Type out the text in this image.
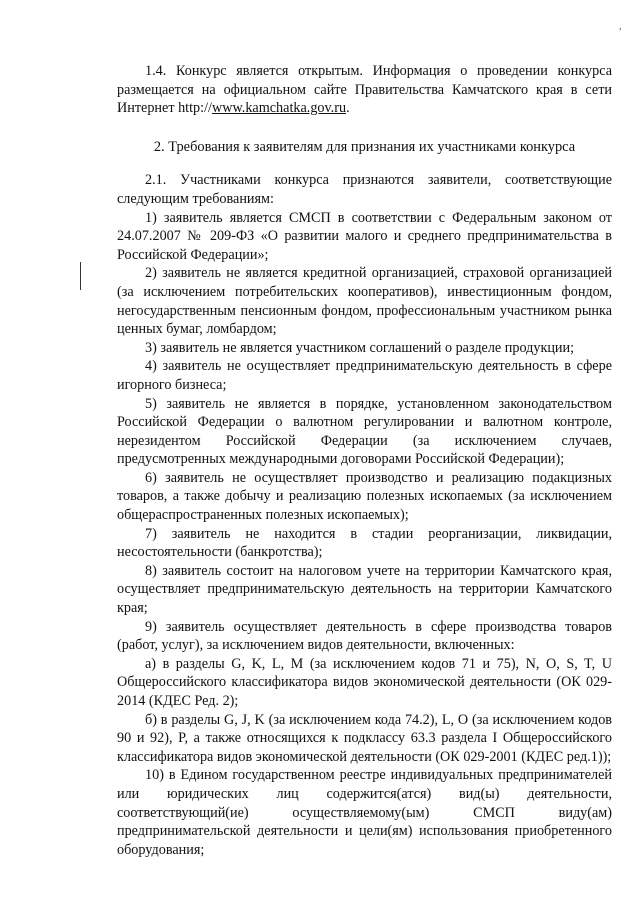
,

1.4. Конкурс является открытым. Информация о проведении конкурса размещается на официальном сайте Правительства Камчатского края в сети Интернет http://www.kamchatka.gov.ru.

2. Требования к заявителям для признания их участниками конкурса

2.1. Участниками конкурса признаются заявители, соответствующие следующим требованиям:

1) заявитель является СМСП в соответствии с Федеральным законом от 24.07.2007 № 209-ФЗ «О развитии малого и среднего предпринимательства в Российской Федерации»;

2) заявитель не является кредитной организацией, страховой организацией (за исключением потребительских кооперативов), инвестиционным фондом, негосударственным пенсионным фондом, профессиональным участником рынка ценных бумаг, ломбардом;

3) заявитель не является участником соглашений о разделе продукции;

4) заявитель не осуществляет предпринимательскую деятельность в сфере игорного бизнеса;

5) заявитель не является в порядке, установленном законодательством Российской Федерации о валютном регулировании и валютном контроле, нерезидентом Российской Федерации (за исключением случаев, предусмотренных международными договорами Российской Федерации);

6) заявитель не осуществляет производство и реализацию подакцизных товаров, а также добычу и реализацию полезных ископаемых (за исключением общераспространенных полезных ископаемых);

7) заявитель не находится в стадии реорганизации, ликвидации, несостоятельности (банкротства);

8) заявитель состоит на налоговом учете на территории Камчатского края, осуществляет предпринимательскую деятельность на территории Камчатского края;

9) заявитель осуществляет деятельность в сфере производства товаров (работ, услуг), за исключением видов деятельности, включенных:

а) в разделы G, K, L, M (за исключением кодов 71 и 75), N, O, S, T, U Общероссийского классификатора видов экономической деятельности (ОК 029-2014 (КДЕС Ред. 2);

б) в разделы G, J, K (за исключением кода 74.2), L, O (за исключением кодов 90 и 92), P, а также относящихся к подклассу 63.3 раздела I Общероссийского классификатора видов экономической деятельности (ОК 029-2001 (КДЕС ред.1));

10) в Едином государственном реестре индивидуальных предпринимателей или юридических лиц содержится(атся) вид(ы) деятельности, соответствующий(ие) осуществляемому(ым) СМСП виду(ам) предпринимательской деятельности и цели(ям) использования приобретенного оборудования;
